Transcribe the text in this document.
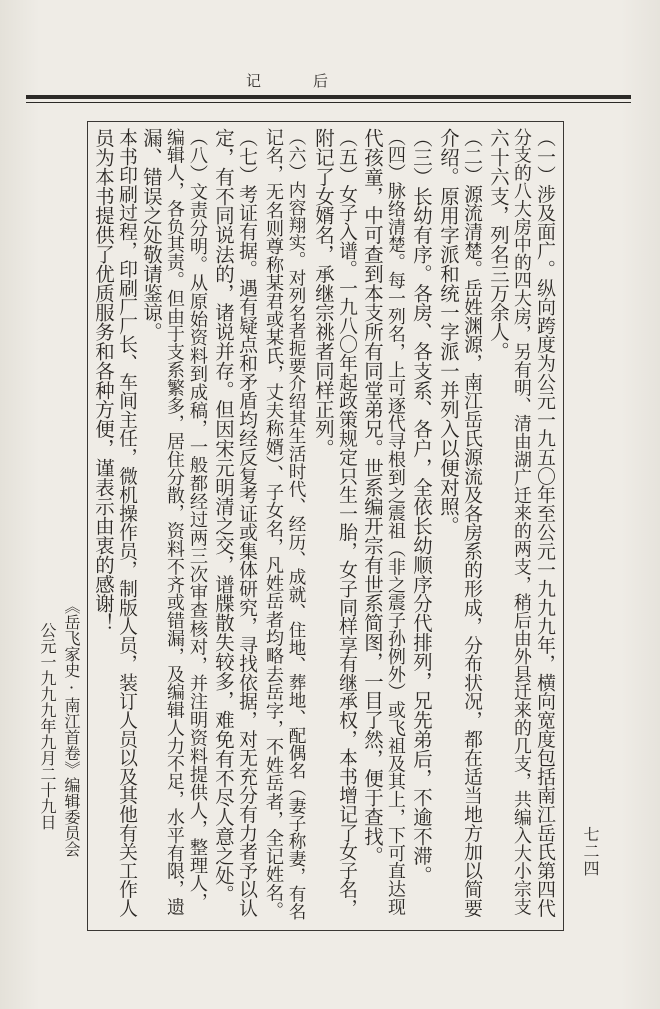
记	后
（一）涉及面广。纵向跨度为公元一九五〇年至公元一九九九年，横向宽度包括南江岳氏第四代
分支的八大房中的四大房，另有明、清由湖广迁来的两支，稍后由外县迁来的几支，共编入大小宗支
六十六支，列名三万余人。
（二）源流清楚。岳姓渊源，南江岳氏源流及各房系的形成，分布状况，都在适当地方加以简要
介绍。原用字派和统一字派一并列入以便对照。
（三）长幼有序。各房、各支系、各户，全依长幼顺序分代排列，兄先弟后，不逾不滞。
（四）脉络清楚。每一列名，上可逐代寻根到之震祖（非之震子孙例外）或飞祖及其上，下可直达现
代孩童，中可查到本支所有同堂弟兄。世系编开宗有世系简图，一目了然，便于查找。
（五）女子入谱。一九八〇年起政策规定只生一胎，女子同样享有继承权，本书增记了女子名，
附记了女婿名，承继宗祧者同样正列。
（六）内容翔实。对列名者扼要介绍其生活时代、经历、成就、住地、葬地、配偶名（妻子称妻，有名
记名，无名则尊称某君或某氏，丈夫称婿）、子女名，凡姓岳者均略去岳字，不姓岳者，全记姓名。
（七）考证有据。遇有疑点和矛盾均经反复考证或集体研究，寻找依据，对无充分有力者予以认
定，有不同说法的，诸说并存。但因宋元明清之交，谱牒散失较多，难免有不尽人意之处。
（八）文责分明。从原始资料到成稿，一般都经过两三次审查核对，并注明资料提供人，整理人，
编辑人，各负其责。但由于支系繁多，居住分散，资料不齐或错漏，及编辑人力不足，水平有限，遗
漏、错误之处敬请鉴谅。
本书印刷过程，印刷厂厂长、车间主任，微机操作员，制版人员，装订人员以及其他有关工作人
员为本书提供了优质服务和各种方便，谨表示由衷的感谢！
《岳飞家史·南江首卷》编辑委员会
公元一九九九年九月二十九日
七二四
